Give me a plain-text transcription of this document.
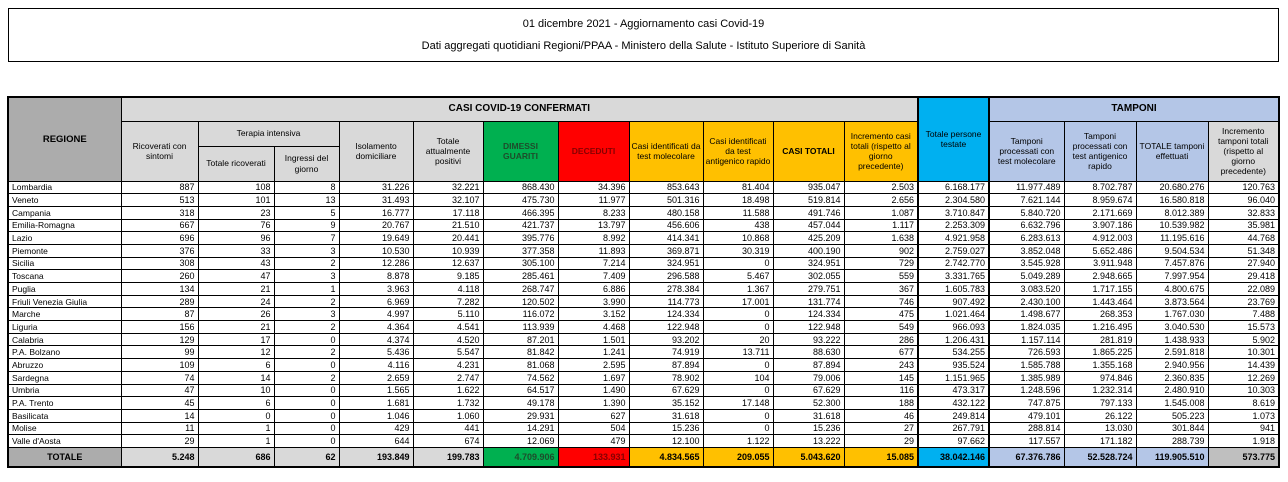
01 dicembre 2021 - Aggiornamento casi Covid-19
Dati aggregati quotidiani Regioni/PPAA - Ministero della Salute - Istituto Superiore di Sanità
REGIONE	CASI COVID-19 CONFERMATI											Totale persone testate	TAMPONI			
	Ricoverati con sintomi	Terapia intensiva		Isolamento domiciliare	Totale attualmente positivi	DIMESSI GUARITI	DECEDUTI	Casi identificati da test molecolare	Casi identificati da test antigenico rapido	CASI TOTALI	Incremento casi totali (rispetto al giorno precedente)		Tamponi processati con test molecolare	Tamponi processati con test antigenico rapido	TOTALE tamponi effettuati	Incremento tamponi totali (rispetto al giorno precedente)
		Totale ricoverati	Ingressi del giorno													
Lombardia	887	108	8	31.226	32.221	868.430	34.396	853.643	81.404	935.047	2.503	6.168.177	11.977.489	8.702.787	20.680.276	120.763
Veneto	513	101	13	31.493	32.107	475.730	11.977	501.316	18.498	519.814	2.656	2.304.580	7.621.144	8.959.674	16.580.818	96.040
Campania	318	23	5	16.777	17.118	466.395	8.233	480.158	11.588	491.746	1.087	3.710.847	5.840.720	2.171.669	8.012.389	32.833
Emilia-Romagna	667	76	9	20.767	21.510	421.737	13.797	456.606	438	457.044	1.117	2.253.309	6.632.796	3.907.186	10.539.982	35.981
Lazio	696	96	7	19.649	20.441	395.776	8.992	414.341	10.868	425.209	1.638	4.921.958	6.283.613	4.912.003	11.195.616	44.768
Piemonte	376	33	3	10.530	10.939	377.358	11.893	369.871	30.319	400.190	902	2.759.027	3.852.048	5.652.486	9.504.534	51.348
Sicilia	308	43	2	12.286	12.637	305.100	7.214	324.951	0	324.951	729	2.742.770	3.545.928	3.911.948	7.457.876	27.940
Toscana	260	47	3	8.878	9.185	285.461	7.409	296.588	5.467	302.055	559	3.331.765	5.049.289	2.948.665	7.997.954	29.418
Puglia	134	21	1	3.963	4.118	268.747	6.886	278.384	1.367	279.751	367	1.605.783	3.083.520	1.717.155	4.800.675	22.089
Friuli Venezia Giulia	289	24	2	6.969	7.282	120.502	3.990	114.773	17.001	131.774	746	907.492	2.430.100	1.443.464	3.873.564	23.769
Marche	87	26	3	4.997	5.110	116.072	3.152	124.334	0	124.334	475	1.021.464	1.498.677	268.353	1.767.030	7.488
Liguria	156	21	2	4.364	4.541	113.939	4.468	122.948	0	122.948	549	966.093	1.824.035	1.216.495	3.040.530	15.573
Calabria	129	17	0	4.374	4.520	87.201	1.501	93.202	20	93.222	286	1.206.431	1.157.114	281.819	1.438.933	5.902
P.A. Bolzano	99	12	2	5.436	5.547	81.842	1.241	74.919	13.711	88.630	677	534.255	726.593	1.865.225	2.591.818	10.301
Abruzzo	109	6	0	4.116	4.231	81.068	2.595	87.894	0	87.894	243	935.524	1.585.788	1.355.168	2.940.956	14.439
Sardegna	74	14	2	2.659	2.747	74.562	1.697	78.902	104	79.006	145	1.151.965	1.385.989	974.846	2.360.835	12.269
Umbria	47	10	0	1.565	1.622	64.517	1.490	67.629	0	67.629	116	473.317	1.248.596	1.232.314	2.480.910	10.303
P.A. Trento	45	6	0	1.681	1.732	49.178	1.390	35.152	17.148	52.300	188	432.122	747.875	797.133	1.545.008	8.619
Basilicata	14	0	0	1.046	1.060	29.931	627	31.618	0	31.618	46	249.814	479.101	26.122	505.223	1.073
Molise	11	1	0	429	441	14.291	504	15.236	0	15.236	27	267.791	288.814	13.030	301.844	941
Valle d'Aosta	29	1	0	644	674	12.069	479	12.100	1.122	13.222	29	97.662	117.557	171.182	288.739	1.918
TOTALE	5.248	686	62	193.849	199.783	4.709.906	133.931	4.834.565	209.055	5.043.620	15.085	38.042.146	67.376.786	52.528.724	119.905.510	573.775
